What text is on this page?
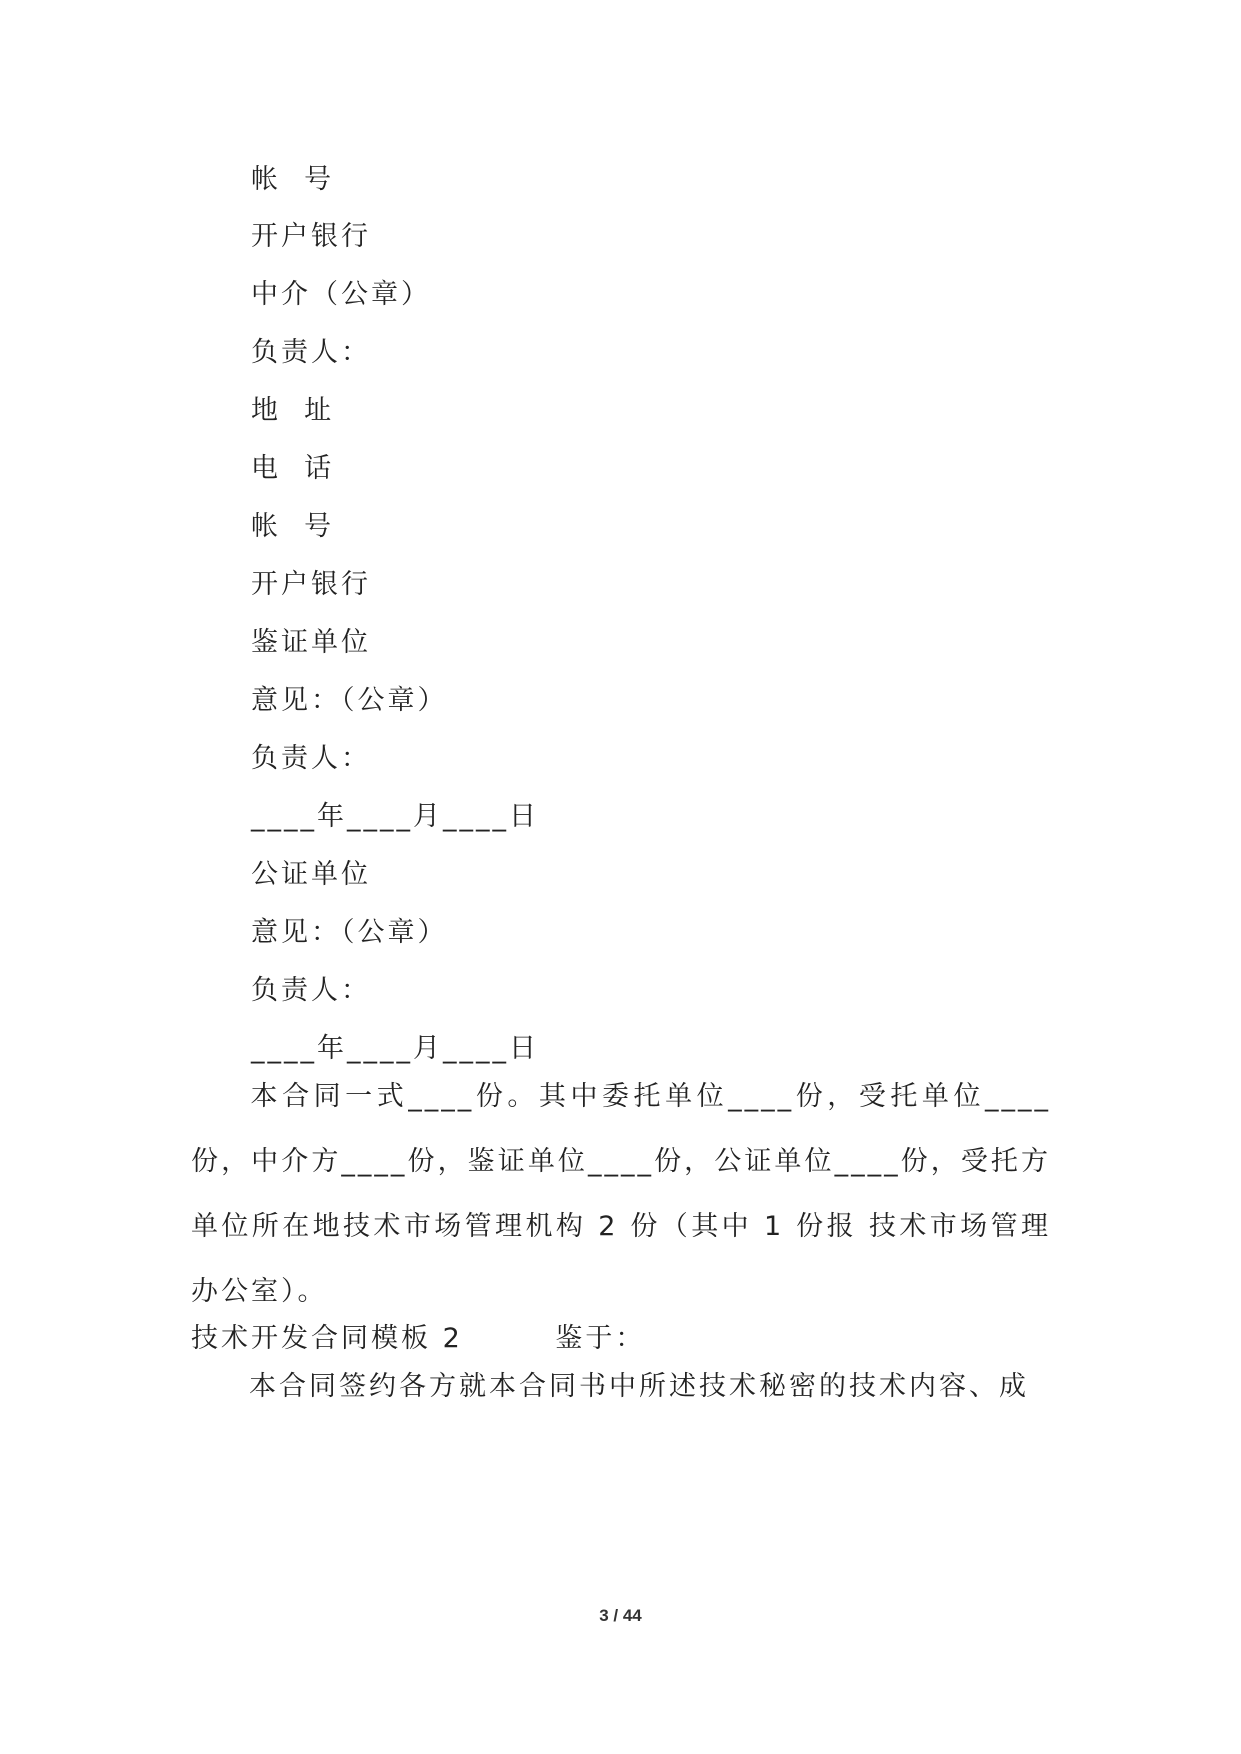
帐  号
开户银行
中介（公章）
负责人：
地  址
电  话
帐  号
开户银行
鉴证单位
意见：（公章）
负责人：
____年____月____日
公证单位
意见：（公章）
负责人：
____年____月____日
本合同一式____份。其中委托单位____份，受托单位____份，中介方____份，鉴证单位____份，公证单位____份，受托方单位所在地技术市场管理机构 2 份（其中 1 份报 技术市场管理办公室）。
技术开发合同模板 2        鉴于：
本合同签约各方就本合同书中所述技术秘密的技术内容、成
3 / 44
